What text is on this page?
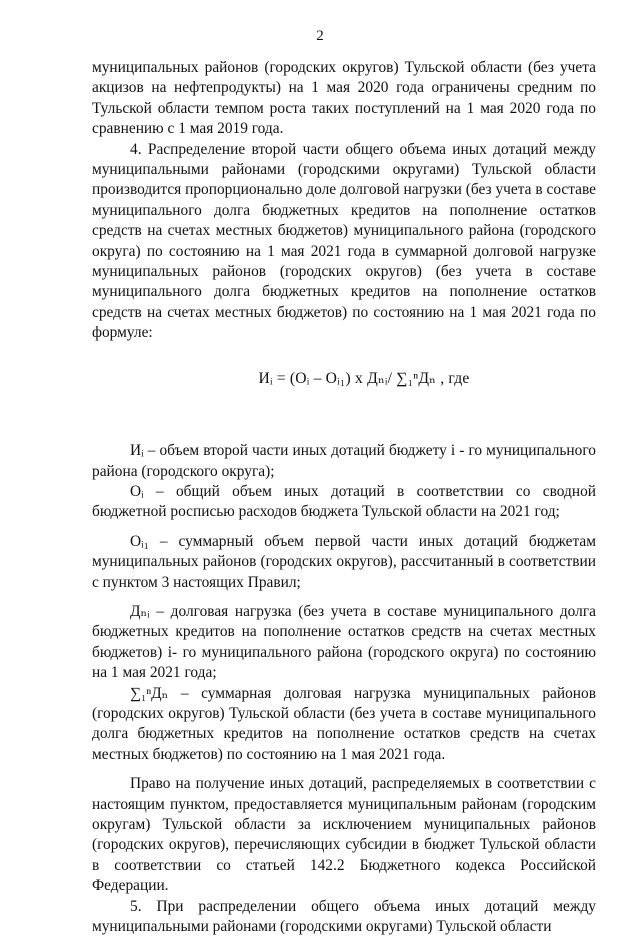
2

муниципальных районов (городских округов) Тульской области (без учета акцизов на нефтепродукты) на 1 мая 2020 года ограничены средним по Тульской области темпом роста таких поступлений на 1 мая 2020 года по сравнению с 1 мая 2019 года.

4. Распределение второй части общего объема иных дотаций между муниципальными районами (городскими округами) Тульской области производится пропорционально доле долговой нагрузки (без учета в составе муниципального долга бюджетных кредитов на пополнение остатков средств на счетах местных бюджетов) муниципального района (городского округа) по состоянию на 1 мая 2021 года в суммарной долговой нагрузке муниципальных районов (городских округов) (без учета в составе муниципального долга бюджетных кредитов на пополнение остатков средств на счетах местных бюджетов) по состоянию на 1 мая 2021 года по формуле:

Иᵢ = (Оᵢ – Оᵢ₁) x Дₙᵢ/ ∑₁ⁿДₙ , где

Иᵢ – объем второй части иных дотаций бюджету i - го муниципального района (городского округа);

Оᵢ – общий объем иных дотаций в соответствии со сводной бюджетной росписью расходов бюджета Тульской области на 2021 год;

Оᵢ₁ – суммарный объем первой части иных дотаций бюджетам муниципальных районов (городских округов), рассчитанный в соответствии с пунктом 3 настоящих Правил;

Дₙᵢ – долговая нагрузка (без учета в составе муниципального долга бюджетных кредитов на пополнение остатков средств на счетах местных бюджетов) i- го муниципального района (городского округа) по состоянию на 1 мая 2021 года;

∑₁ⁿДₙ – суммарная долговая нагрузка муниципальных районов (городских округов) Тульской области (без учета в составе муниципального долга бюджетных кредитов на пополнение остатков средств на счетах местных бюджетов) по состоянию на 1 мая 2021 года.

Право на получение иных дотаций, распределяемых в соответствии с настоящим пунктом, предоставляется муниципальным районам (городским округам) Тульской области за исключением муниципальных районов (городских округов), перечисляющих субсидии в бюджет Тульской области в соответствии со статьей 142.2 Бюджетного кодекса Российской Федерации.

5. При распределении общего объема иных дотаций между муниципальными районами (городскими округами) Тульской области
